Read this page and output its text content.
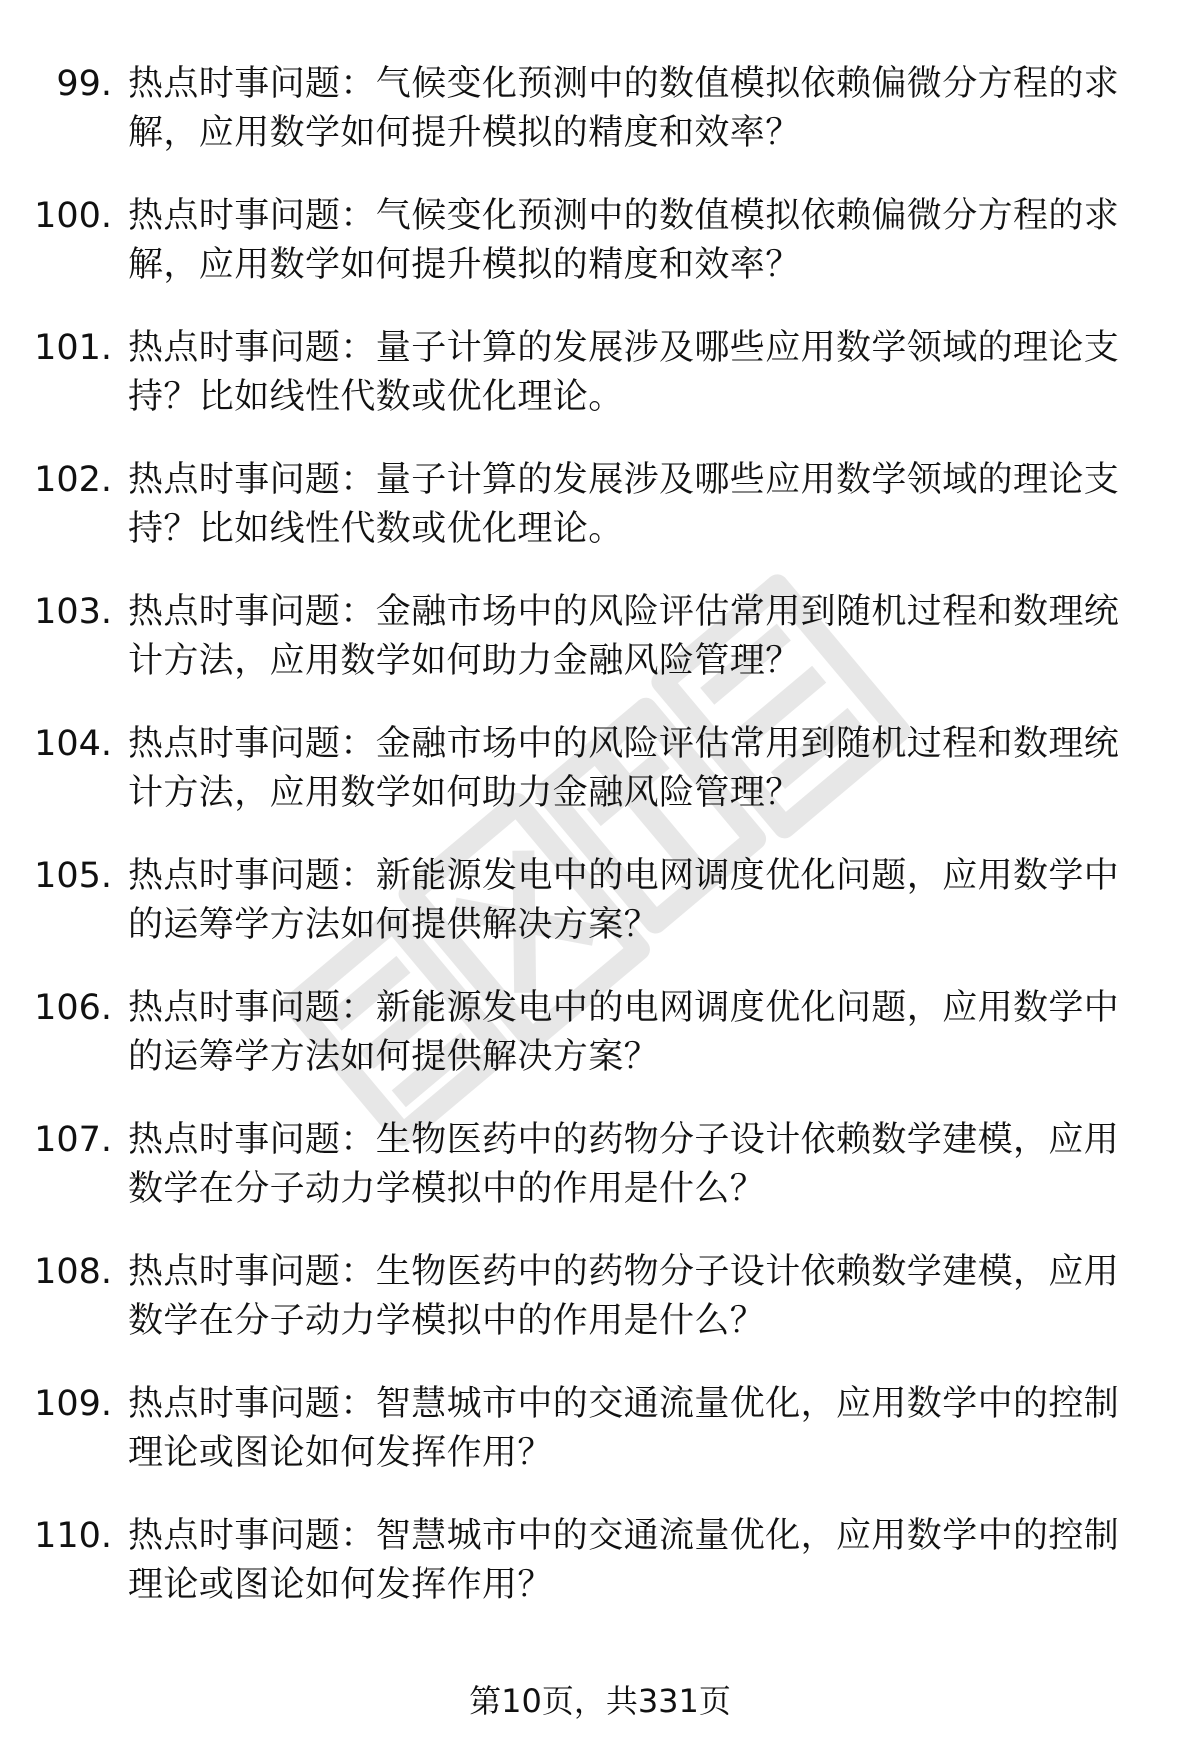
99. 热点时事问题：气候变化预测中的数值模拟依赖偏微分方程的求
解，应用数学如何提升模拟的精度和效率？
100. 热点时事问题：气候变化预测中的数值模拟依赖偏微分方程的求
解，应用数学如何提升模拟的精度和效率？
101. 热点时事问题：量子计算的发展涉及哪些应用数学领域的理论支
持？比如线性代数或优化理论。
102. 热点时事问题：量子计算的发展涉及哪些应用数学领域的理论支
持？比如线性代数或优化理论。
103. 热点时事问题：金融市场中的风险评估常用到随机过程和数理统
计方法，应用数学如何助力金融风险管理？
104. 热点时事问题：金融市场中的风险评估常用到随机过程和数理统
计方法，应用数学如何助力金融风险管理？
105. 热点时事问题：新能源发电中的电网调度优化问题，应用数学中
的运筹学方法如何提供解决方案？
106. 热点时事问题：新能源发电中的电网调度优化问题，应用数学中
的运筹学方法如何提供解决方案？
107. 热点时事问题：生物医药中的药物分子设计依赖数学建模，应用
数学在分子动力学模拟中的作用是什么？
108. 热点时事问题：生物医药中的药物分子设计依赖数学建模，应用
数学在分子动力学模拟中的作用是什么？
109. 热点时事问题：智慧城市中的交通流量优化，应用数学中的控制
理论或图论如何发挥作用？
110. 热点时事问题：智慧城市中的交通流量优化，应用数学中的控制
理论或图论如何发挥作用？
第10页，共331页
